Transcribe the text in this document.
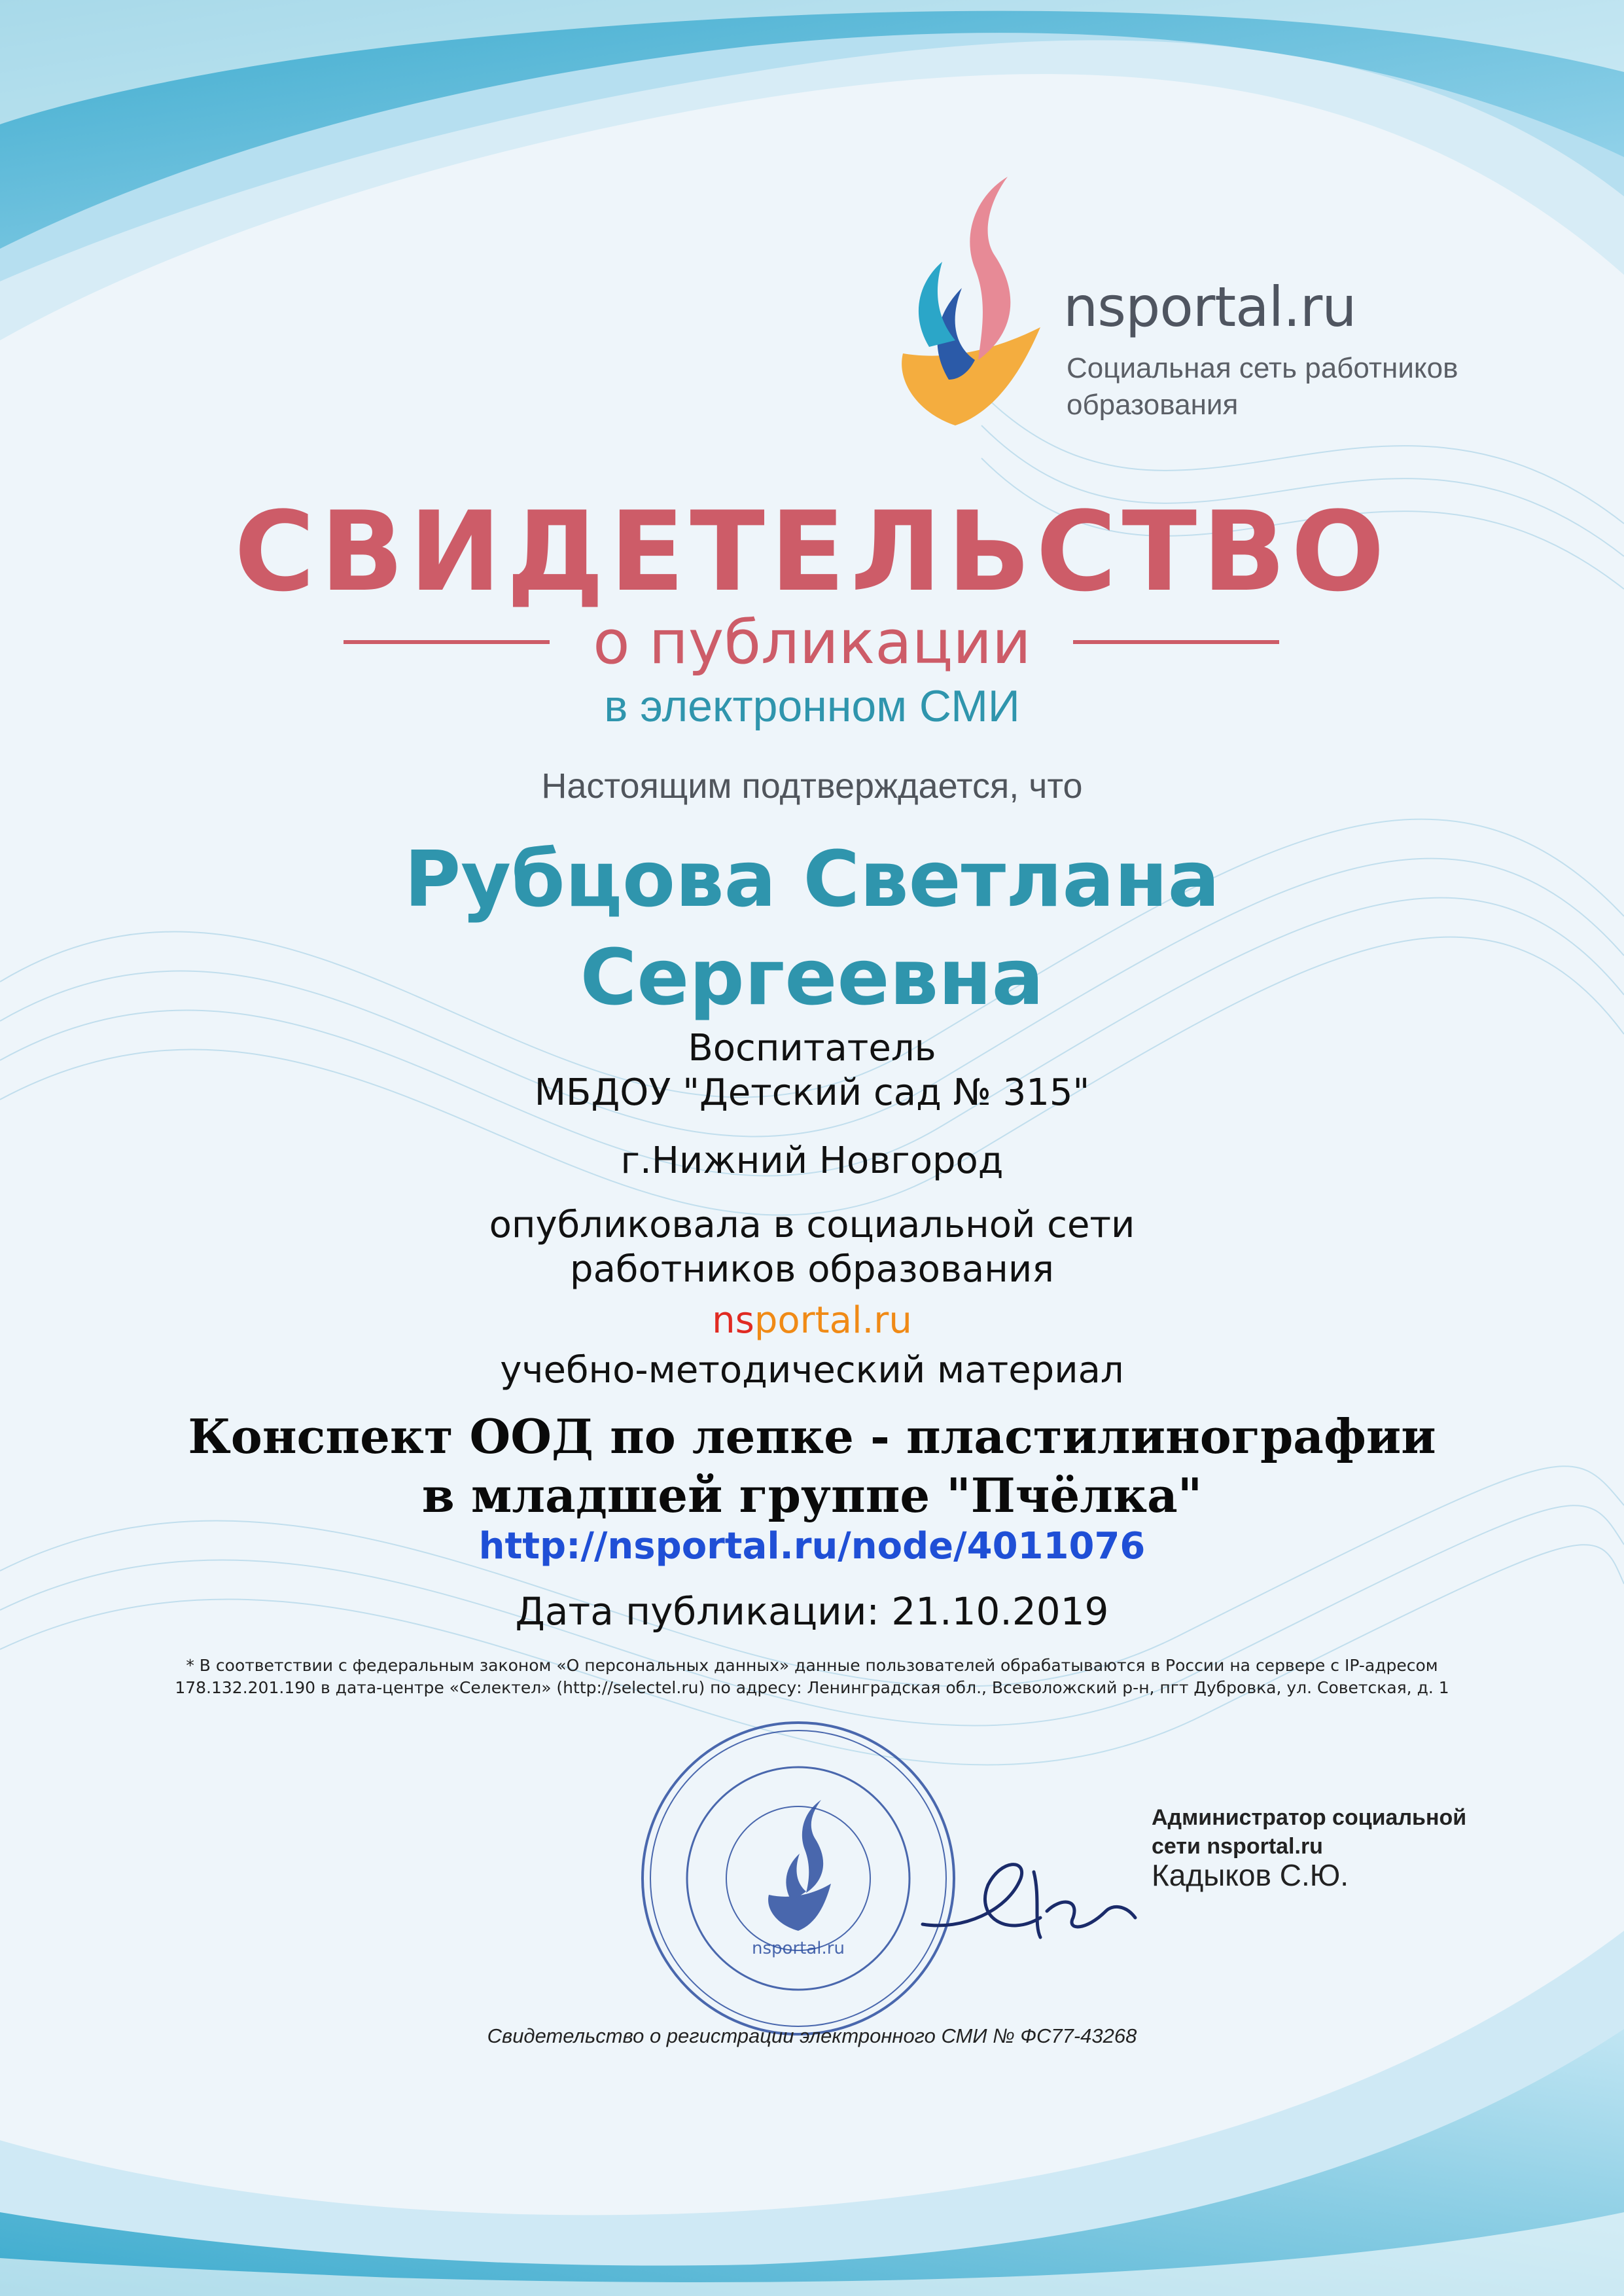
nsportal.ru
Социальная сеть работников
образования
СВИДЕТЕЛЬСТВО
о публикации
в электронном СМИ
Настоящим подтверждается, что
Рубцова Светлана
Сергеевна
Воспитатель
МБДОУ "Детский сад № 315"
г.Нижний Новгород
опубликовала в социальной сети
работников образования
nsportal.ru
учебно-методический материал
Конспект ООД по лепке - пластилинографии
в младшей группе "Пчёлка"
http://nsportal.ru/node/4011076
Дата публикации: 21.10.2019
* В соответствии с федеральным законом «О персональных данных» данные пользователей обрабатываются в России на сервере с IP-адресом
178.132.201.190 в дата-центре «Селектел» (http://selectel.ru) по адресу: Ленинградская обл., Всеволожский р-н, пгт Дубровка, ул. Советская, д. 1
nsportal.ru
Администратор социальной
сети nsportal.ru
Кадыков С.Ю.
Свидетельство о регистрации электронного СМИ № ФС77-43268
